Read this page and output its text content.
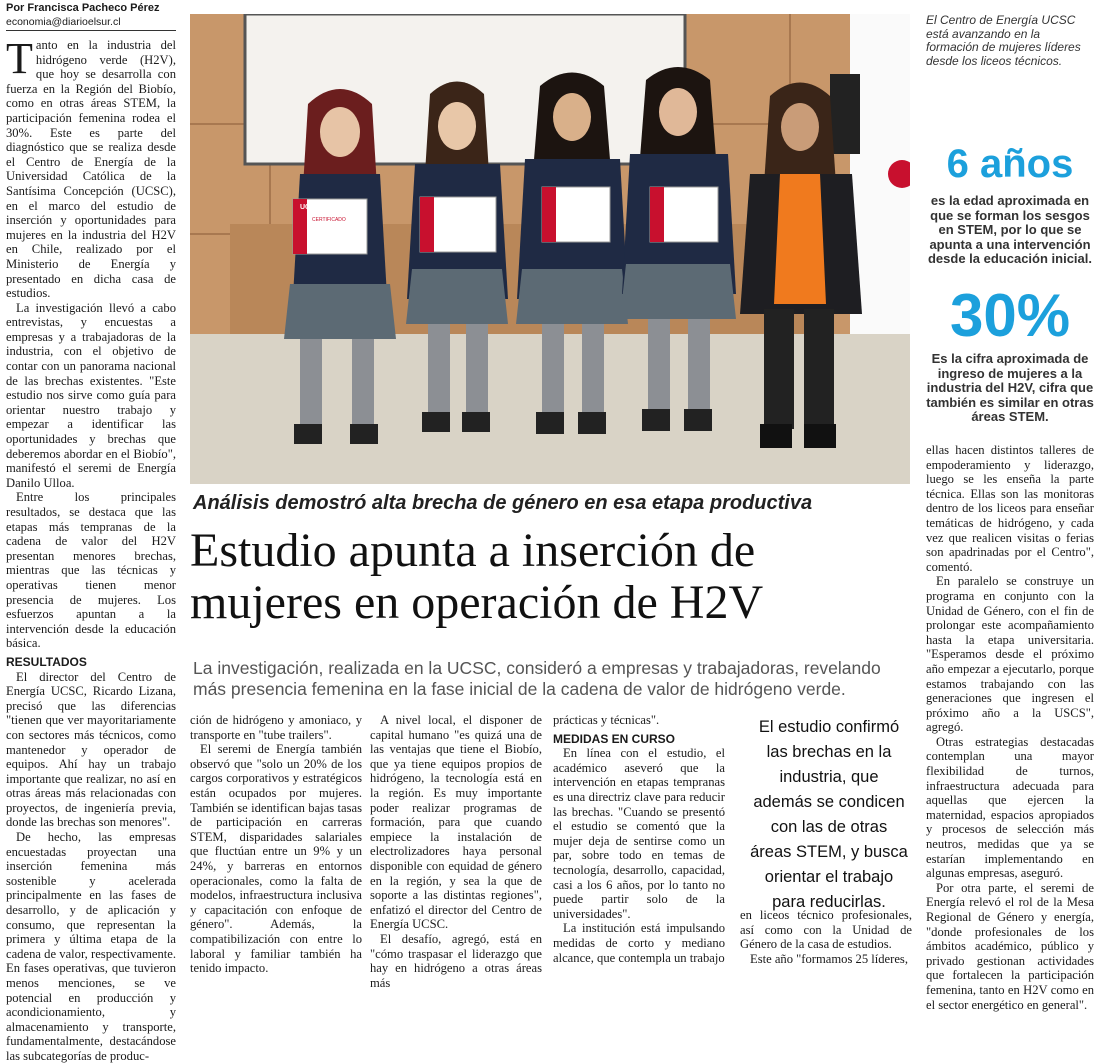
Por Francisca Pacheco Pérez
economia@diarioelsur.cl

Tanto en la industria del hidrógeno verde (H2V), que hoy se desarrolla con fuerza en la Región del Biobío, como en otras áreas STEM, la participación femenina rodea el 30%. Este es parte del diagnóstico que se realiza desde el Centro de Energía de la Universidad Católica de la Santísima Concepción (UCSC), en el marco del estudio de inserción y oportunidades para mujeres en la industria del H2V en Chile, realizado por el Ministerio de Energía y presentado en dicha casa de estudios.

La investigación llevó a cabo entrevistas, y encuestas a empresas y a trabajadoras de la industria, con el objetivo de contar con un panorama nacional de las brechas existentes. "Este estudio nos sirve como guía para orientar nuestro trabajo y empezar a identificar las oportunidades y brechas que deberemos abordar en el Biobío", manifestó el seremi de Energía Danilo Ulloa.

Entre los principales resultados, se destaca que las etapas más tempranas de la cadena de valor del H2V presentan menores brechas, mientras que las técnicas y operativas tienen menor presencia de mujeres. Los esfuerzos apuntan a la intervención desde la educación básica.

RESULTADOS

El director del Centro de Energía UCSC, Ricardo Lizana, precisó que las diferencias "tienen que ver mayoritariamente con sectores más técnicos, como mantenedor y operador de equipos. Ahí hay un trabajo importante que realizar, no así en otras áreas más relacionadas con proyectos, de ingeniería previa, donde las brechas son menores".

De hecho, las empresas encuestadas proyectan una inserción femenina más sostenible y acelerada principalmente en las fases de desarrollo, y de aplicación y consumo, que representan la primera y última etapa de la cadena de valor, respectivamente. En fases operativas, que tuvieron menos menciones, se ve potencial en producción y acondicionamiento, y almacenamiento y transporte, fundamentalmente, destacándose las subcategorías de produc-

UCSC
CERTIFICADO
El Centro de Energía UCSC está avanzando en la formación de mujeres líderes desde los liceos técnicos.
6 años
es la edad aproximada en que se forman los sesgos en STEM, por lo que se apunta a una intervención desde la educación inicial.
30%
Es la cifra aproximada de ingreso de mujeres a la industria del H2V, cifra que también es similar en otras áreas STEM.
Análisis demostró alta brecha de género en esa etapa productiva
Estudio apunta a inserción de
mujeres en operación de H2V
La investigación, realizada en la UCSC, consideró a empresas y trabajadoras, revelando más presencia femenina en la fase inicial de la cadena de valor de hidrógeno verde.

ción de hidrógeno y amoniaco, y transporte en "tube trailers".

El seremi de Energía también observó que "solo un 20% de los cargos corporativos y estratégicos están ocupados por mujeres. También se identifican bajas tasas de participación en carreras STEM, disparidades salariales que fluctúan entre un 9% y un 24%, y barreras en entornos operacionales, como la falta de modelos, infraestructura inclusiva y capacitación con enfoque de género". Además, la compatibilización con entre lo laboral y familiar también ha tenido impacto.

A nivel local, el disponer de capital humano "es quizá una de las ventajas que tiene el Biobío, que ya tiene equipos propios de hidrógeno, la tecnología está en la región. Es muy importante poder realizar programas de formación, para que cuando empiece la instalación de electrolizadores haya personal disponible con equidad de género en la región, y sea la que de soporte a las distintas regiones", enfatizó el director del Centro de Energía UCSC.

El desafío, agregó, está en "cómo traspasar el liderazgo que hay en hidrógeno a otras áreas más

prácticas y técnicas".

MEDIDAS EN CURSO

En línea con el estudio, el académico aseveró que la intervención en etapas tempranas es una directriz clave para reducir las brechas. "Cuando se presentó el estudio se comentó que la mujer deja de sentirse como un par, sobre todo en temas de tecnología, desarrollo, capacidad, casi a los 6 años, por lo tanto no puede partir solo de la universidades".

La institución está impulsando medidas de corto y mediano alcance, que contempla un trabajo

El estudio confirmó las brechas en la industria, que además se condicen con las de otras áreas STEM, y busca orientar el trabajo para reducirlas.

en liceos técnico profesionales, así como con la Unidad de Género de la casa de estudios.

Este año "formamos 25 líderes,

ellas hacen distintos talleres de empoderamiento y liderazgo, luego se les enseña la parte técnica. Ellas son las monitoras dentro de los liceos para enseñar temáticas de hidrógeno, y cada vez que realicen visitas o ferias son apadrinadas por el Centro", comentó.

En paralelo se construye un programa en conjunto con la Unidad de Género, con el fin de prolongar este acompañamiento hasta la etapa universitaria. "Esperamos desde el próximo año empezar a ejecutarlo, porque estamos trabajando con las generaciones que ingresen el próximo año a la USCS", agregó.

Otras estrategias destacadas contemplan una mayor flexibilidad de turnos, infraestructura adecuada para aquellas que ejercen la maternidad, espacios apropiados y procesos de selección más neutros, medidas que ya se estarían implementando en algunas empresas, aseguró.

Por otra parte, el seremi de Energía relevó el rol de la Mesa Regional de Género y energía, "donde profesionales de los ámbitos académico, público y privado gestionan actividades que fortalecen la participación femenina, tanto en H2V como en el sector energético en general".
